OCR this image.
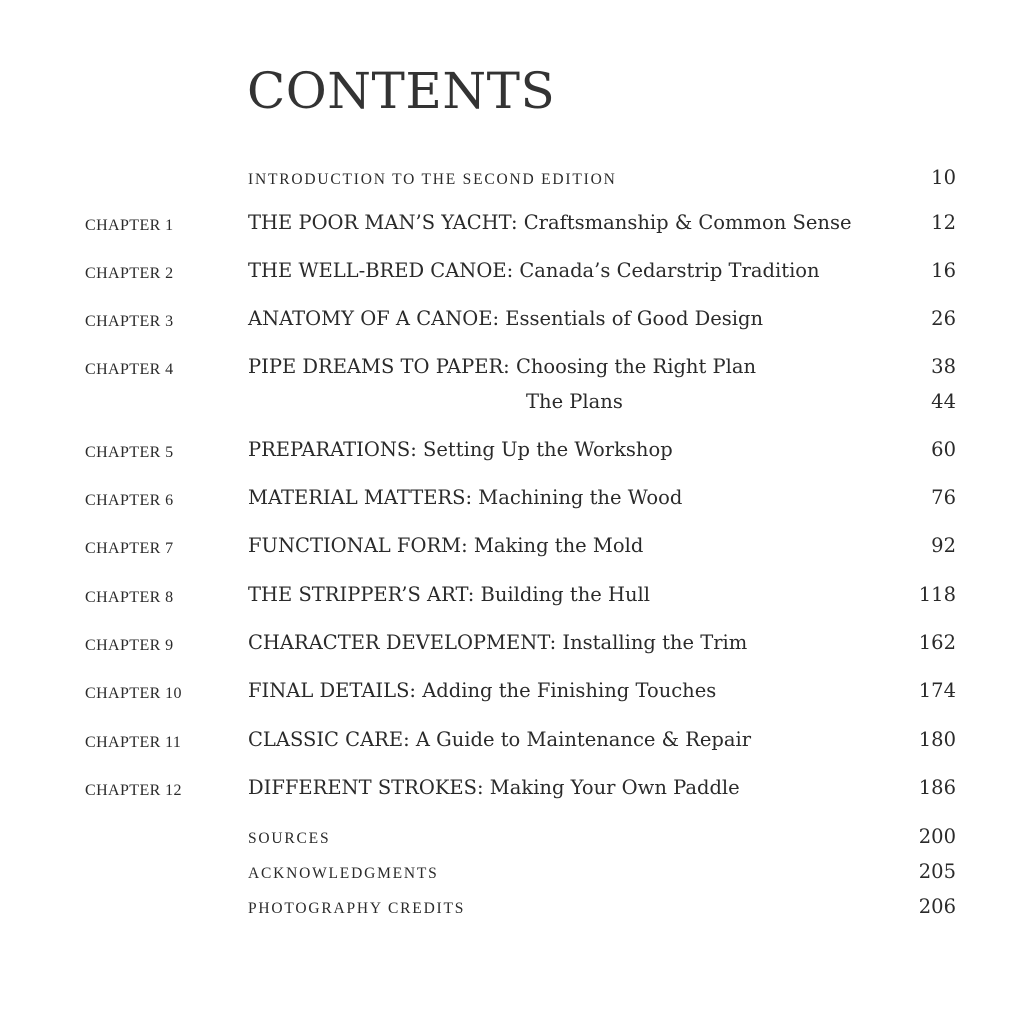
CONTENTS
INTRODUCTION TO THE SECOND EDITION	10
CHAPTER 1	THE POOR MAN’S YACHT: Craftsmanship & Common Sense	12
CHAPTER 2	THE WELL-BRED CANOE: Canada’s Cedarstrip Tradition	16
CHAPTER 3	ANATOMY OF A CANOE: Essentials of Good Design	26
CHAPTER 4	PIPE DREAMS TO PAPER: Choosing the Right Plan	38
The Plans	44
CHAPTER 5	PREPARATIONS: Setting Up the Workshop	60
CHAPTER 6	MATERIAL MATTERS: Machining the Wood	76
CHAPTER 7	FUNCTIONAL FORM: Making the Mold	92
CHAPTER 8	THE STRIPPER’S ART: Building the Hull	118
CHAPTER 9	CHARACTER DEVELOPMENT: Installing the Trim	162
CHAPTER 10	FINAL DETAILS: Adding the Finishing Touches	174
CHAPTER 11	CLASSIC CARE: A Guide to Maintenance & Repair	180
CHAPTER 12	DIFFERENT STROKES: Making Your Own Paddle	186
SOURCES	200
ACKNOWLEDGMENTS	205
PHOTOGRAPHY CREDITS	206
